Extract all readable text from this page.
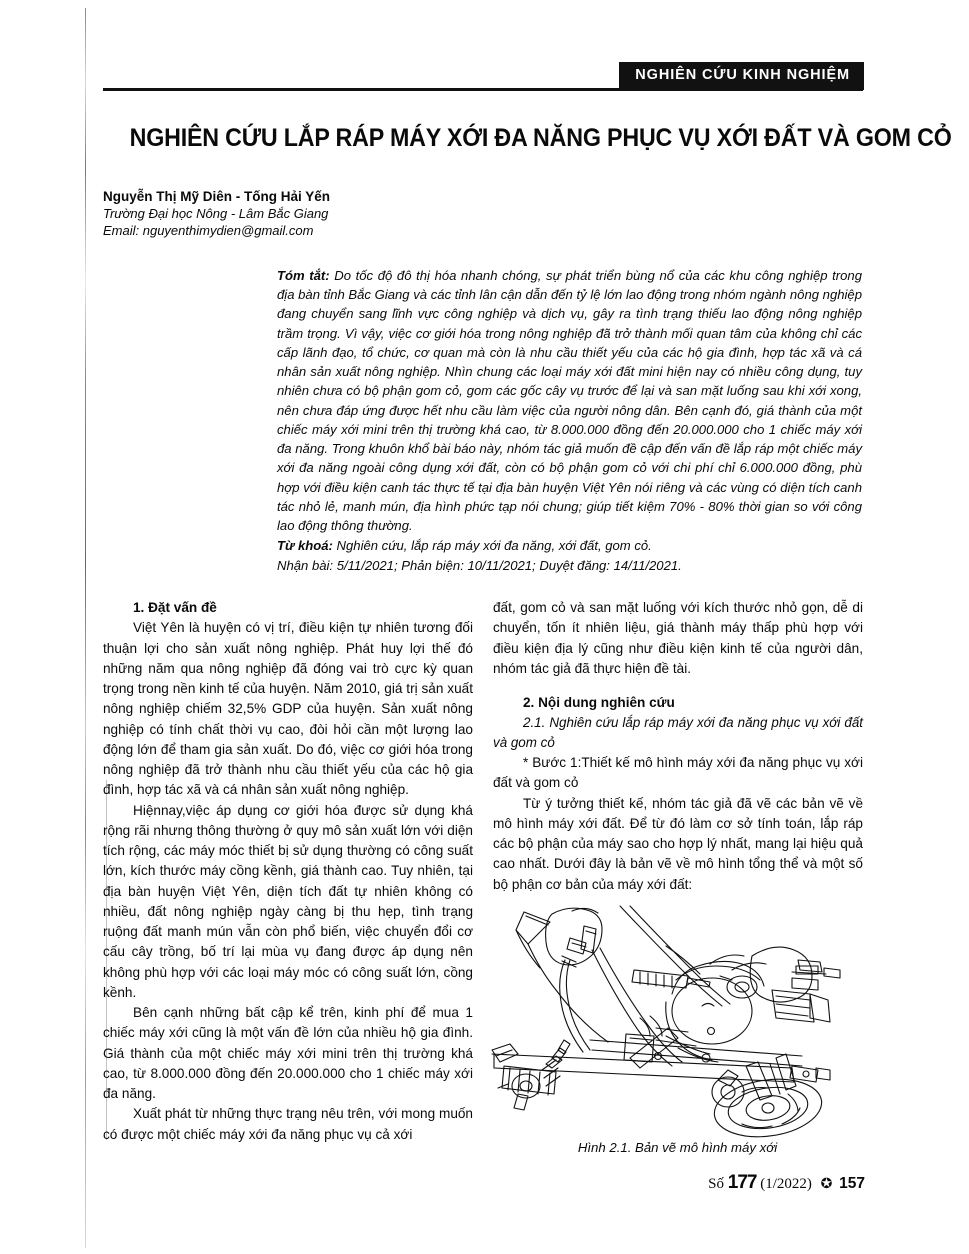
NGHIÊN CỨU KINH NGHIỆM
NGHIÊN CỨU LẮP RÁP MÁY XỚI ĐA NĂNG PHỤC VỤ XỚI ĐẤT VÀ GOM CỎ
Nguyễn Thị Mỹ Diên - Tống Hải Yến
Trường Đại học Nông - Lâm Bắc Giang
Email: nguyenthimydien@gmail.com

Tóm tắt: Do tốc độ đô thị hóa nhanh chóng, sự phát triển bùng nổ của các khu công nghiệp trong địa bàn tỉnh Bắc Giang và các tỉnh lân cận dẫn đến tỷ lệ lớn lao động trong nhóm ngành nông nghiệp đang chuyển sang lĩnh vực công nghiệp và dịch vụ, gây ra tình trạng thiếu lao động nông nghiệp trầm trọng. Vì vậy, việc cơ giới hóa trong nông nghiệp đã trở thành mối quan tâm của không chỉ các cấp lãnh đạo, tổ chức, cơ quan mà còn là nhu cầu thiết yếu của các hộ gia đình, hợp tác xã và cá nhân sản xuất nông nghiệp. Nhìn chung các loại máy xới đất mini hiện nay có nhiều công dụng, tuy nhiên chưa có bộ phận gom cỏ, gom các gốc cây vụ trước để lại và san mặt luống sau khi xới xong, nên chưa đáp ứng được hết nhu cầu làm việc của người nông dân. Bên cạnh đó, giá thành của một chiếc máy xới mini trên thị trường khá cao, từ 8.000.000 đồng đến 20.000.000 cho 1 chiếc máy xới đa năng. Trong khuôn khổ bài báo này, nhóm tác giả muốn đề cập đến vấn đề lắp ráp một chiếc máy xới đa năng ngoài công dụng xới đất, còn có bộ phận gom cỏ với chi phí chỉ 6.000.000 đồng, phù hợp với điều kiện canh tác thực tế tại địa bàn huyện Việt Yên nói riêng và các vùng có diện tích canh tác nhỏ lẻ, manh mún, địa hình phức tạp nói chung; giúp tiết kiệm 70% - 80% thời gian so với công lao động thông thường.

Từ khoá: Nghiên cứu, lắp ráp máy xới đa năng, xới đất, gom cỏ.

Nhận bài: 5/11/2021; Phản biện: 10/11/2021; Duyệt đăng: 14/11/2021.

1. Đặt vấn đề

Việt Yên là huyện có vị trí, điều kiện tự nhiên tương đối thuận lợi cho sản xuất nông nghiệp. Phát huy lợi thế đó những năm qua nông nghiệp đã đóng vai trò cực kỳ quan trọng trong nền kinh tế của huyện. Năm 2010, giá trị sản xuất nông nghiệp chiếm 32,5% GDP của huyện. Sản xuất nông nghiệp có tính chất thời vụ cao, đòi hỏi cần một lượng lao động lớn để tham gia sản xuất. Do đó, việc cơ giới hóa trong nông nghiệp đã trở thành nhu cầu thiết yếu của các hộ gia đình, hợp tác xã và cá nhân sản xuất nông nghiệp.

Hiệnnay,việc áp dụng cơ giới hóa được sử dụng khá rộng rãi nhưng thông thường ở quy mô sản xuất lớn với diện tích rộng, các máy móc thiết bị sử dụng thường có công suất lớn, kích thước máy cồng kềnh, giá thành cao. Tuy nhiên, tại địa bàn huyện Việt Yên, diện tích đất tự nhiên không có nhiều, đất nông nghiệp ngày càng bị thu hẹp, tình trạng ruộng đất manh mún vẫn còn phổ biến, việc chuyển đổi cơ cấu cây trồng, bố trí lại mùa vụ đang được áp dụng nên không phù hợp với các loại máy móc có công suất lớn, cồng kềnh.

Bên cạnh những bất cập kể trên, kinh phí để mua 1 chiếc máy xới cũng là một vấn đề lớn của nhiều hộ gia đình. Giá thành của một chiếc máy xới mini trên thị trường khá cao, từ 8.000.000 đồng đến 20.000.000 cho 1 chiếc máy xới đa năng.

Xuất phát từ những thực trạng nêu trên, với mong muốn có được một chiếc máy xới đa năng phục vụ cả xới

đất, gom cỏ và san mặt luống với kích thước nhỏ gọn, dễ di chuyển, tốn ít nhiên liệu, giá thành máy thấp phù hợp với điều kiện địa lý cũng như điều kiện kinh tế của người dân, nhóm tác giả đã thực hiện đề tài.

2. Nội dung nghiên cứu
2.1. Nghiên cứu lắp ráp máy xới đa năng phục vụ xới đất và gom cỏ

* Bước 1:Thiết kế mô hình máy xới đa năng phục vụ xới đất và gom cỏ

Từ ý tưởng thiết kế, nhóm tác giả đã vẽ các bản vẽ về mô hình máy xới đất. Để từ đó làm cơ sở tính toán, lắp ráp các bộ phận của máy sao cho hợp lý nhất, mang lại hiệu quả cao nhất. Dưới đây là bản vẽ về mô hình tổng thể và một số bộ phận cơ bản của máy xới đất:

Hình 2.1. Bản vẽ mô hình máy xới
Số 177 (1/2022) ✪ 157
